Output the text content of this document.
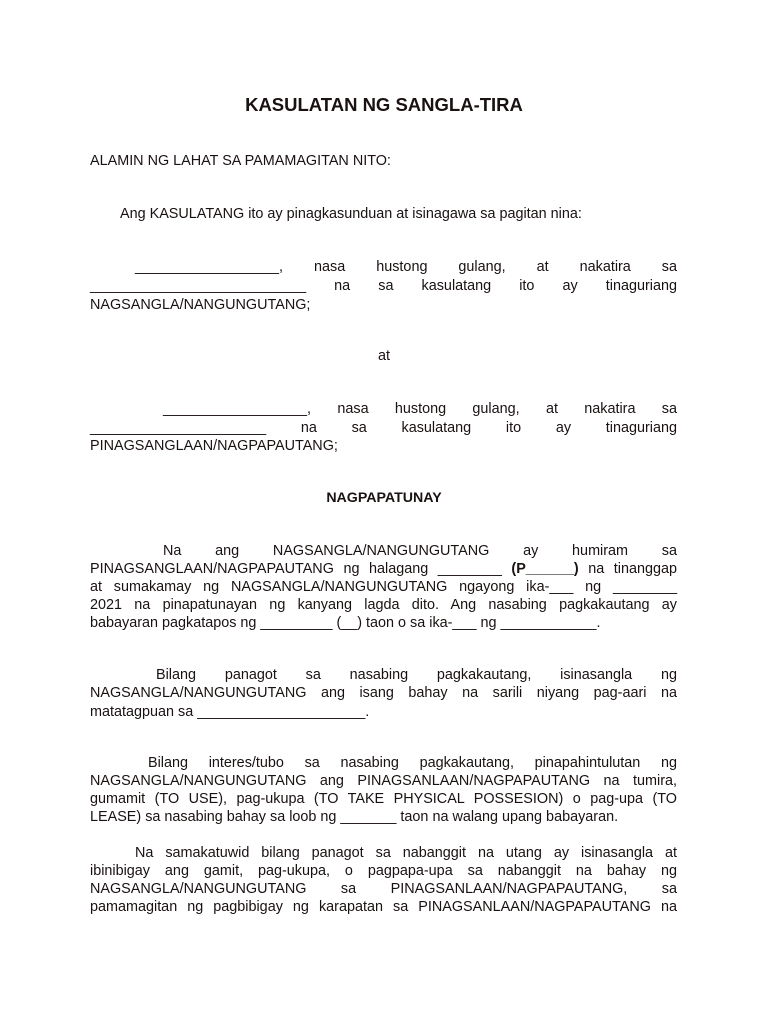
KASULATAN NG SANGLA-TIRA
ALAMIN NG LAHAT SA PAMAMAGITAN NITO:
Ang KASULATANG ito ay pinagkasunduan at isinagawa sa pagitan nina:
__________________, nasa hustong gulang, at nakatira sa
___________________________ na sa kasulatang ito ay tinaguriang
NAGSANGLA/NANGUNGUTANG;
at
__________________, nasa hustong gulang, at nakatira sa
______________________ na sa kasulatang ito ay tinaguriang
PINAGSANGLAAN/NAGPAPAUTANG;
NAGPAPATUNAY
Na ang NAGSANGLA/NANGUNGUTANG ay humiram sa
PINAGSANGLAAN/NAGPAPAUTANG ng halagang ________ (P______) na tinanggap
at sumakamay ng NAGSANGLA/NANGUNGUTANG ngayong ika-___ ng ________
2021 na pinapatunayan ng kanyang lagda dito. Ang nasabing pagkakautang ay
babayaran pagkatapos ng _________ (__) taon o sa ika-___ ng ____________.
Bilang panagot sa nasabing pagkakautang, isinasangla ng
NAGSANGLA/NANGUNGUTANG ang isang bahay na sarili niyang pag-aari na
matatagpuan sa _____________________.
Bilang interes/tubo sa nasabing pagkakautang, pinapahintulutan ng
NAGSANGLA/NANGUNGUTANG ang PINAGSANLAAN/NAGPAPAUTANG na tumira,
gumamit (TO USE), pag-ukupa (TO TAKE PHYSICAL POSSESION) o pag-upa (TO
LEASE) sa nasabing bahay sa loob ng _______ taon na walang upang babayaran.
Na samakatuwid bilang panagot sa nabanggit na utang ay isinasangla at
ibinibigay ang gamit, pag-ukupa, o pagpapa-upa sa nabanggit na bahay ng
NAGSANGLA/NANGUNGUTANG sa PINAGSANLAAN/NAGPAPAUTANG, sa
pamamagitan ng pagbibigay ng karapatan sa PINAGSANLAAN/NAGPAPAUTANG na
